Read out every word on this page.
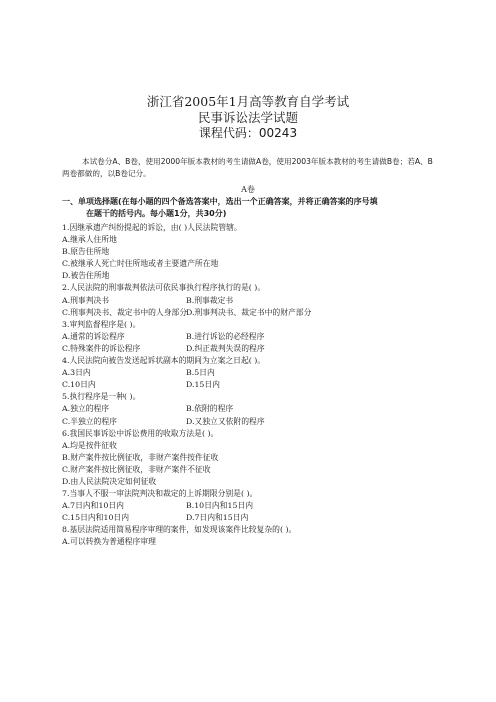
浙江省2005年1月高等教育自学考试
民事诉讼法学试题
课程代码：00243
本试卷分A、B卷，使用2000年版本教材的考生请做A卷，使用2003年版本教材的考生请做B卷；若A、B两卷都做的，以B卷记分。
A卷
一、单项选择题(在每小题的四个备选答案中，选出一个正确答案，并将正确答案的序号填
在题干的括号内。每小题1分，共30分)
1.因继承遗产纠纷提起的诉讼，由( )人民法院管辖。
A.继承人住所地
B.原告住所地
C.被继承人死亡时住所地或者主要遗产所在地
D.被告住所地
2.人民法院的刑事裁判依法可依民事执行程序执行的是( )。
A.刑事判决书	B.刑事裁定书
C.刑事判决书、裁定书中的人身部分
D.刑事判决书、裁定书中的财产部分
3.审判监督程序是( )。
A.通常的诉讼程序	B.进行诉讼的必经程序
C.特殊案件的诉讼程序	D.纠正裁判失误的程序
4.人民法院向被告发送起诉状副本的期间为立案之日起( )。
A.3日内	B.5日内
C.10日内	D.15日内
5.执行程序是一种( )。
A.独立的程序	B.依附的程序
C.半独立的程序	D.又独立又依附的程序
6.我国民事诉讼中诉讼费用的收取方法是( )。
A.均是按件征收
B.财产案件按比例征收，非财产案件按件征收
C.财产案件按比例征收，非财产案件不征收
D.由人民法院决定如何征收
7.当事人不服一审法院判决和裁定的上诉期限分别是( )。
A.7日内和10日内	B.10日内和15日内
C.15日内和10日内	D.7日内和15日内
8.基层法院适用简易程序审理的案件，如发现该案件比较复杂的( )。
A.可以转换为普通程序审理
